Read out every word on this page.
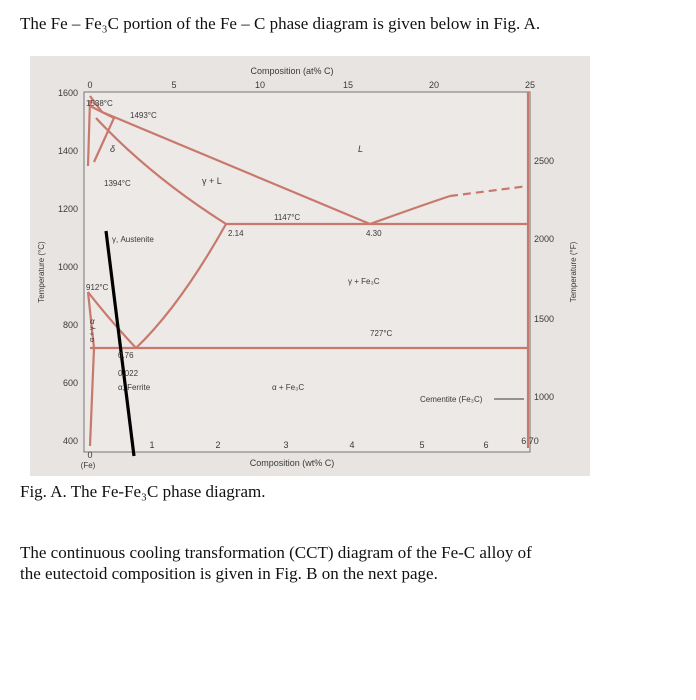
The Fe – Fe₃C portion of the Fe – C phase diagram is given below in Fig. A.
Composition (at% C)
0	5	10	15	20	25
Temperature (°C)
1600
1400
1200
1000
800
600
400
Temperature (°F)
2500
2000
1500
1000
0
1	2	3	4	5	6	6.70
(Fe)	Composition (wt% C)
1538°C
1493°C
δ
1394°C	γ + L
L
1147°C
2.14	4.30
γ, Austenite
γ + Fe₃C
912°C
α
α + γ	727°C
0.76
0.022
α, Ferrite	α + Fe₃C
Cementite (Fe₃C)
Fig. A. The Fe-Fe₃C phase diagram.
The continuous cooling transformation (CCT) diagram of the Fe-C alloy of
the eutectoid composition is given in Fig. B on the next page.
